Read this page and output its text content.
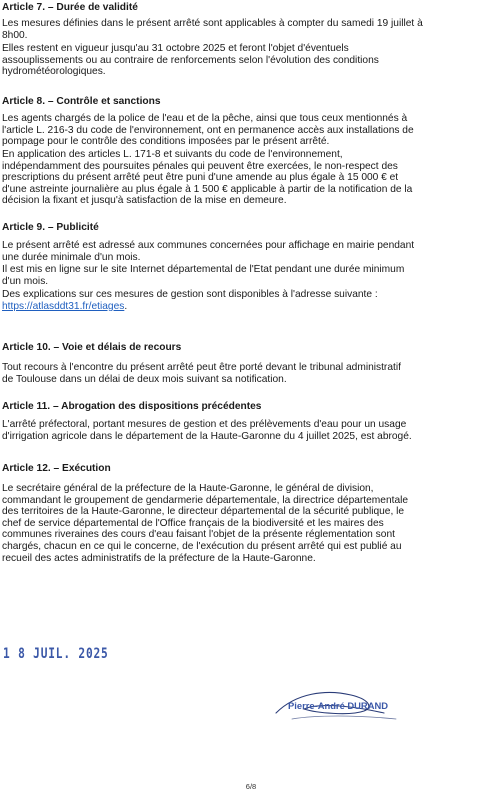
Article 7. – Durée de validité
Les mesures définies dans le présent arrêté sont applicables à compter du samedi 19 juillet à
8h00.
Elles restent en vigueur jusqu'au 31 octobre 2025 et feront l'objet d'éventuels
assouplissements ou au contraire de renforcements selon l'évolution des conditions
hydrométéorologiques.
Article 8. – Contrôle et sanctions
Les agents chargés de la police de l'eau et de la pêche, ainsi que tous ceux mentionnés à
l'article L. 216-3 du code de l'environnement, ont en permanence accès aux installations de
pompage pour le contrôle des conditions imposées par le présent arrêté.
En application des articles L. 171-8 et suivants du code de l'environnement,
indépendamment des poursuites pénales qui peuvent être exercées, le non-respect des
prescriptions du présent arrêté peut être puni d'une amende au plus égale à 15 000 € et
d'une astreinte journalière au plus égale à 1 500 € applicable à partir de la notification de la
décision la fixant et jusqu'à satisfaction de la mise en demeure.
Article 9. – Publicité
Le présent arrêté est adressé aux communes concernées pour affichage en mairie pendant
une durée minimale d'un mois.
Il est mis en ligne sur le site Internet départemental de l'État pendant une durée minimum
d'un mois.
Des explications sur ces mesures de gestion sont disponibles à l'adresse suivante :
https://atlasddt31.fr/etiages.
Article 10. – Voie et délais de recours
Tout recours à l'encontre du présent arrêté peut être porté devant le tribunal administratif
de Toulouse dans un délai de deux mois suivant sa notification.
Article 11. – Abrogation des dispositions précédentes
L'arrêté préfectoral, portant mesures de gestion et des prélèvements d'eau pour un usage
d'irrigation agricole dans le département de la Haute-Garonne du 4 juillet 2025, est abrogé.
Article 12. – Exécution
Le secrétaire général de la préfecture de la Haute-Garonne, le général de division,
commandant le groupement de gendarmerie départementale, la directrice départementale
des territoires de la Haute-Garonne, le directeur départemental de la sécurité publique, le
chef de service départemental de l'Office français de la biodiversité et les maires des
communes riveraines des cours d'eau faisant l'objet de la présente réglementation sont
chargés, chacun en ce qui le concerne, de l'exécution du présent arrêté qui est publié au
recueil des actes administratifs de la préfecture de la Haute-Garonne.
1 8 JUIL. 2025
Pierre-André DURAND
6/8
